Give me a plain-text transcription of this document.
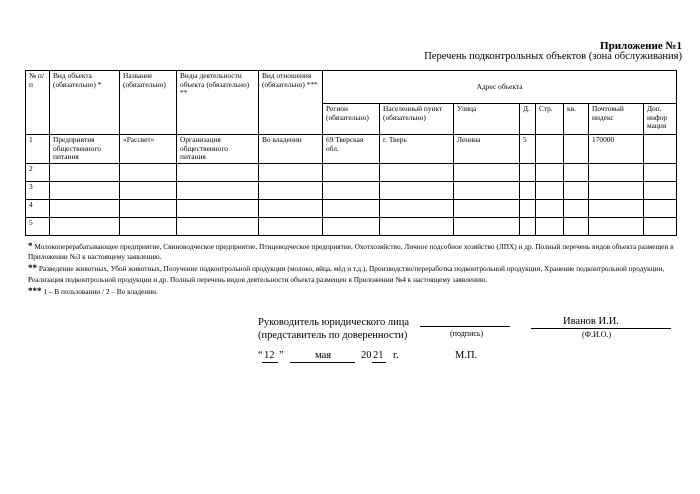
Приложение №1
Перечень подконтрольных объектов (зона обслуживания)
№ п/п	Вид объекта (обязательно) *	Название (обязательно)	Виды деятельности объекта (обязательно) **	Вид отношения (обязательно) ***	Адрес объекта							
					Регион (обязательно)	Населенный пункт (обязательно)	Улица	Д.	Стр.	кв.	Почтовый индекс	Доп. инфор мация
1	Предприятия общественного питания	«Рассвет»	Организация общественного питания	Во владении	69 Тверская обл.	г. Тверь	Ленина	5			170000	
2												
3												
4												
5												
* Молокоперерабатывающее предприятие, Свиноводческое предприятие, Птицеводческое предприятие, Охотхозяйство, Личное подсобное хозяйство (ЛПХ) и др. Полный перечень видов объекта размещен в Приложении №3 к настоящему заявлению.
** Разведение животных, Убой животных, Получение подконтрольной продукции (молоко, яйца, мёд и т.д.), Производство/переработка подконтрольной продукции, Хранение подконтрольной продукции, Реализация подконтрольной продукции и др. Полный перечень видов деятельности объекта размещен в Приложении №4 к настоящему заявлению.
*** 1 – В пользовании / 2 – Во владении.
Руководитель юридического лица
(представитель по доверенности)	(подпись)
Иванов И.И.
(Ф.И.О.)
“ 12 ”	мая	20 21 г.	М.П.
